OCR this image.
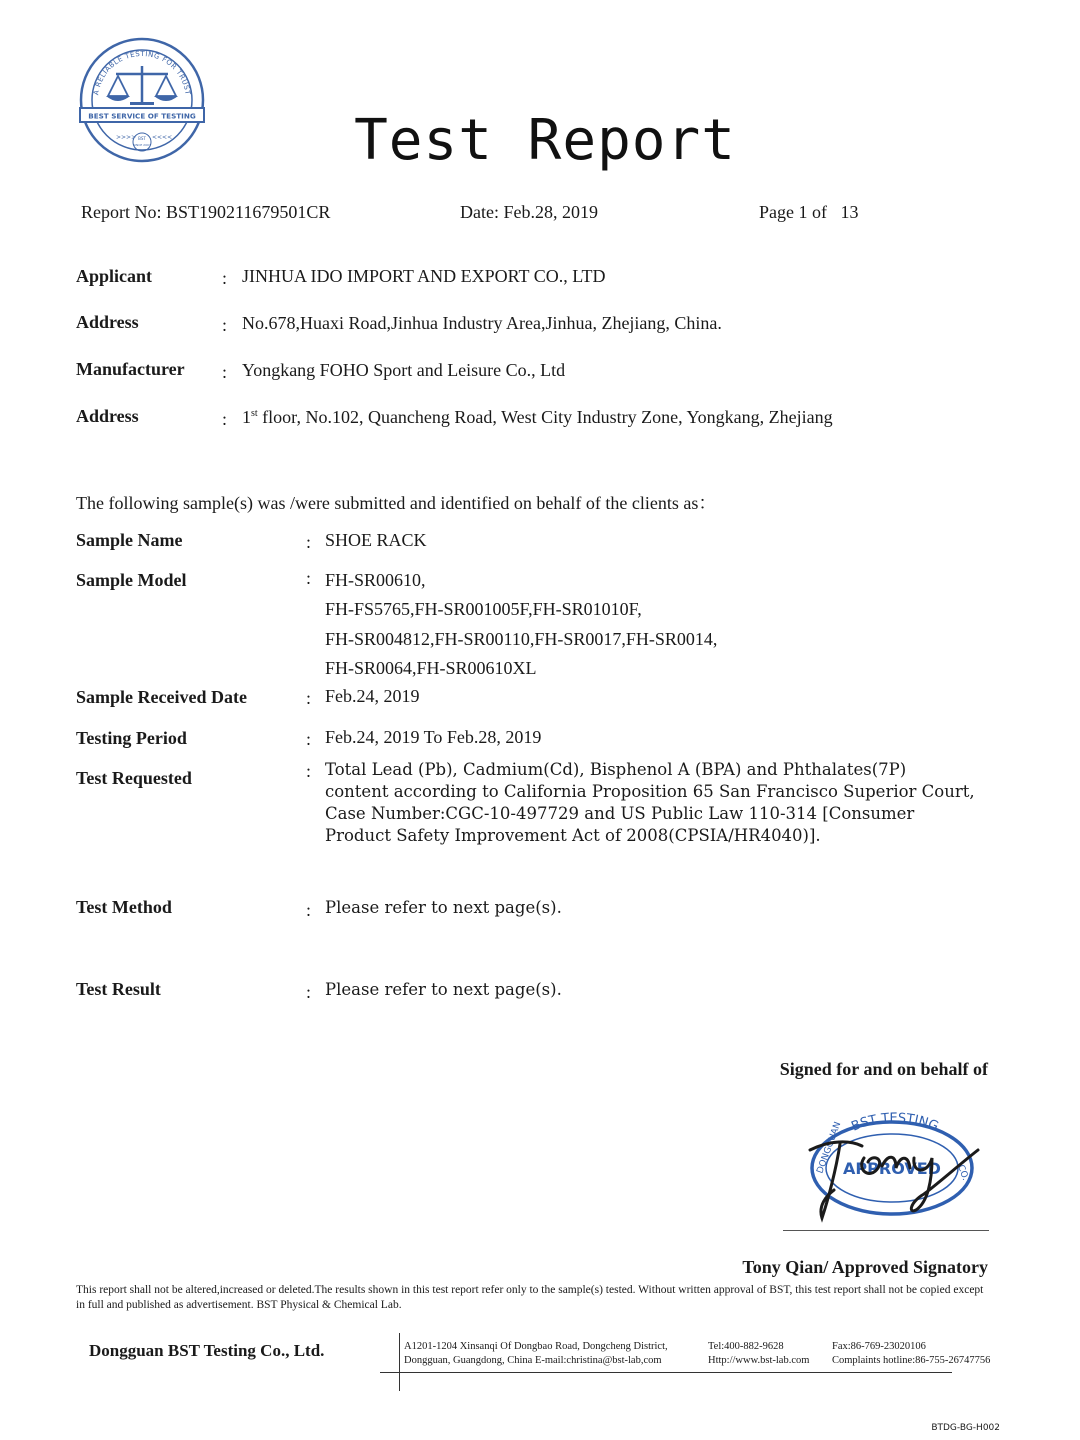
A RELIABLE TESTING FOR TRUST
BEST SERVICE OF TESTING
>>>>	<<<<
BST
SINCE 2007	Test Report
Report No: BST190211679501CR	Date: Feb.28, 2019	Page 1 of   13
Applicant	: JINHUA IDO IMPORT AND EXPORT CO., LTD
Address	: No.678,Huaxi Road,Jinhua Industry Area,Jinhua, Zhejiang, China.
Manufacturer : Yongkang FOHO Sport and Leisure Co., Ltd
Address	: 1st floor, No.102, Quancheng Road, West City Industry Zone, Yongkang, Zhejiang
The following sample(s) was /were submitted and identified on behalf of the clients as：
Sample Name	: SHOE RACK
Sample Model	: FH-SR00610,
FH-FS5765,FH-SR001005F,FH-SR01010F,
FH-SR004812,FH-SR00110,FH-SR0017,FH-SR0014,
FH-SR0064,FH-SR00610XL
Sample Received Date	: Feb.24, 2019
Testing Period	: Feb.24, 2019 To Feb.28, 2019
Test Requested	: Total Lead (Pb), Cadmium(Cd), Bisphenol A (BPA) and Phthalates(7P)
content according to California Proposition 65 San Francisco Superior Court,
Case Number:CGC-10-497729 and US Public Law 110-314 [Consumer
Product Safety Improvement Act of 2008(CPSIA/HR4040)].
Test Method	: Please refer to next page(s).
Test Result	: Please refer to next page(s).
Signed for and on behalf of
BST TESTING
DONGGUAN APPROVED CO.
Tony Qian/ Approved Signatory
This report shall not be altered,increased or deleted.The results shown in this test report refer only to the sample(s) tested. Without written approval of BST, this test report shall not be copied except in full and published as advertisement. BST Physical & Chemical Lab.
Dongguan BST Testing Co., Ltd.	A1201-1204 Xinsanqi Of Dongbao Road, Dongcheng District,
Dongguan, Guangdong, China E-mail:christina@bst-lab,com
Tel:400-882-9628
Http://www.bst-lab.com
Fax:86-769-23020106
Complaints hotline:86-755-26747756
BTDG-BG-H002
